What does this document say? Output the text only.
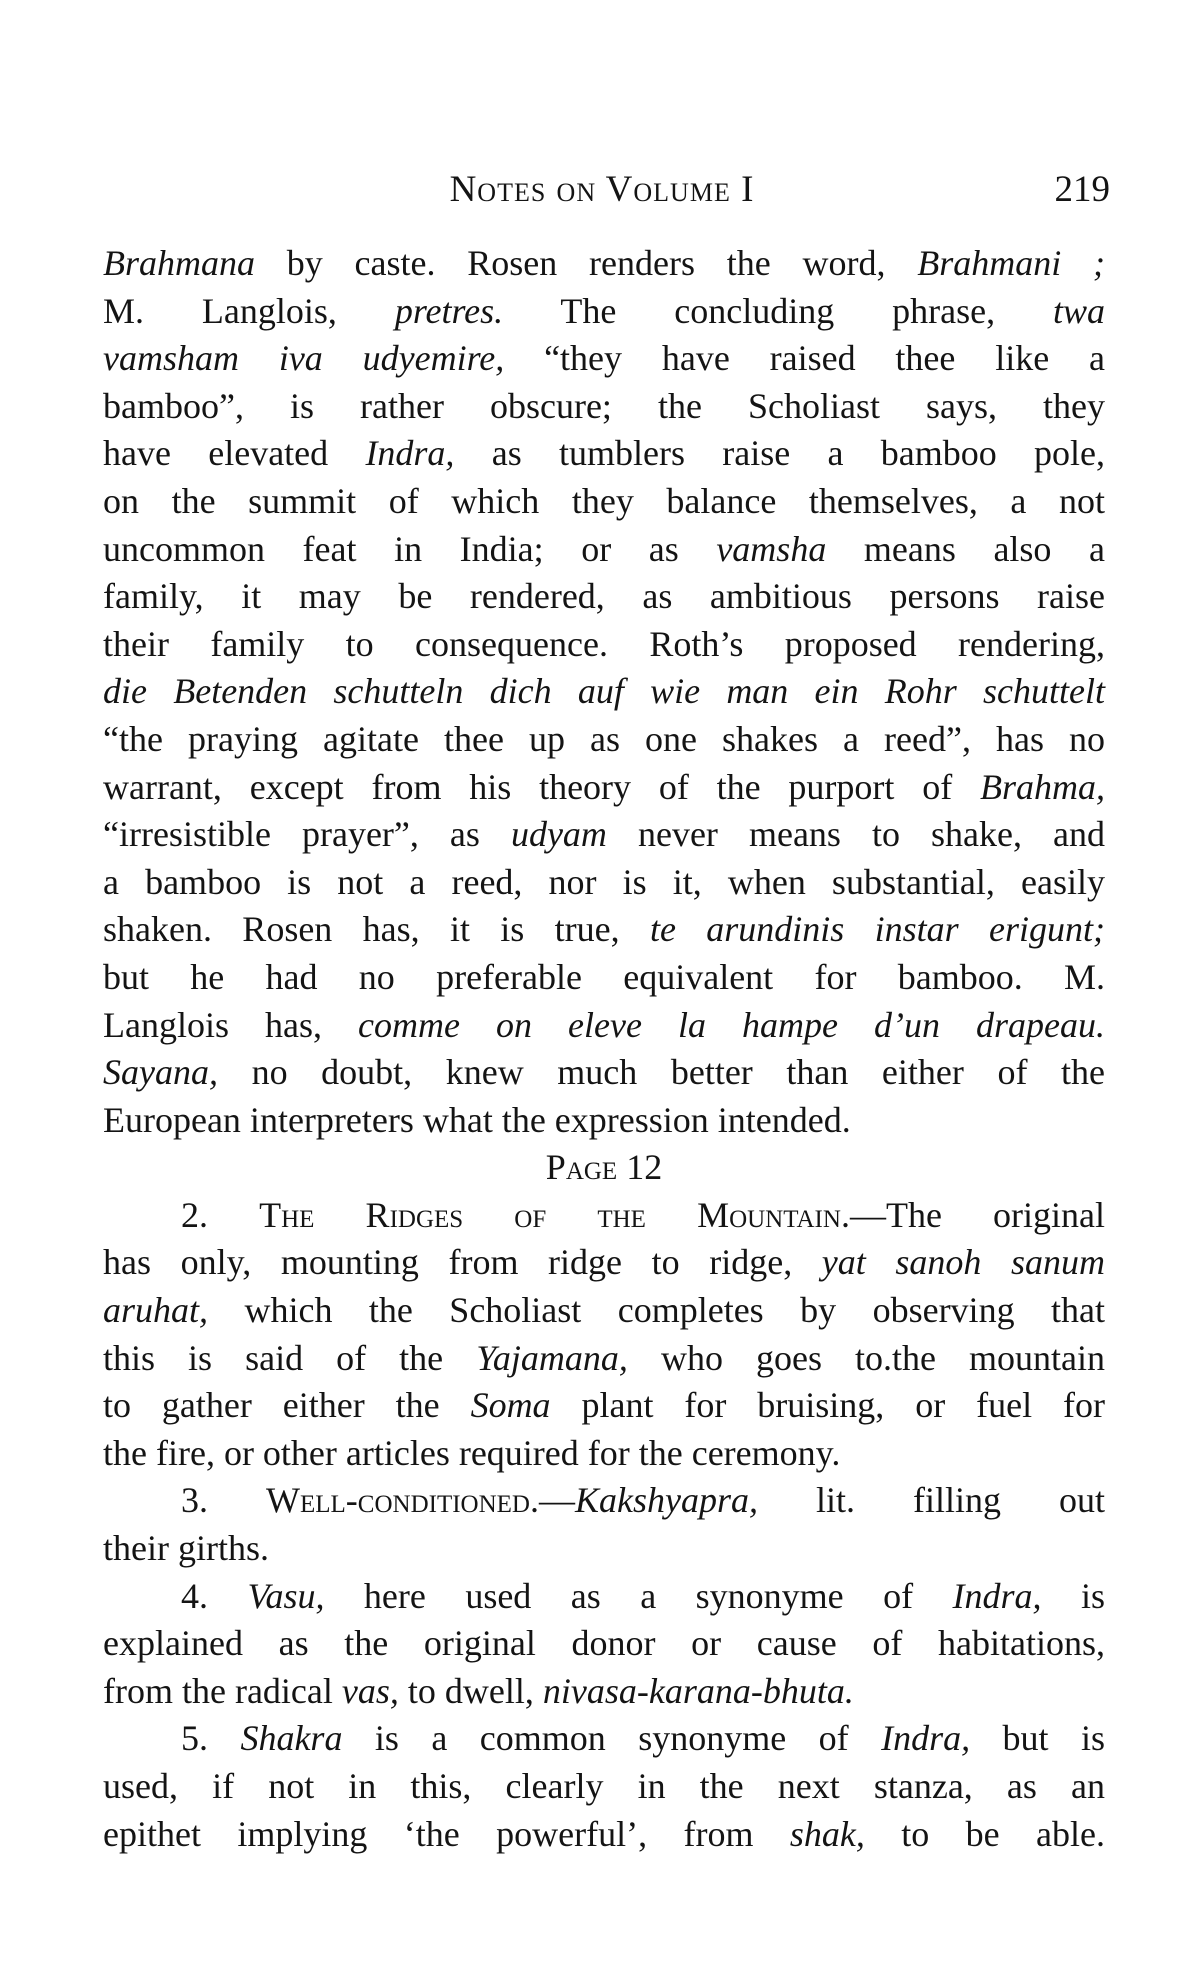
Notes on Volume I	219
Brahmana by caste. Rosen renders the word, Brahmani ;
M. Langlois, pretres. The concluding phrase, twa
vamsham iva udyemire, “they have raised thee like a
bamboo”, is rather obscure; the Scholiast says, they
have elevated Indra, as tumblers raise a bamboo pole,
on the summit of which they balance themselves, a not
uncommon feat in India; or as vamsha means also a
family, it may be rendered, as ambitious persons raise
their family to consequence. Roth’s proposed rendering,
die Betenden schutteln dich auf wie man ein Rohr schuttelt
“the praying agitate thee up as one shakes a reed”, has no
warrant, except from his theory of the purport of Brahma,
“irresistible prayer”, as udyam never means to shake, and
a bamboo is not a reed, nor is it, when substantial, easily
shaken. Rosen has, it is true, te arundinis instar erigunt;
but he had no preferable equivalent for bamboo. M.
Langlois has, comme on eleve la hampe d’un drapeau.
Sayana, no doubt, knew much better than either of the
European interpreters what the expression intended.
Page 12
2. The Ridges of the Mountain.—The original
has only, mounting from ridge to ridge, yat sanoh sanum
aruhat, which the Scholiast completes by observing that
this is said of the Yajamana, who goes to.the mountain
to gather either the Soma plant for bruising, or fuel for
the fire, or other articles required for the ceremony.
3. Well-conditioned.—Kakshyapra, lit. filling out
their girths.
4. Vasu, here used as a synonyme of Indra, is
explained as the original donor or cause of habitations,
from the radical vas, to dwell, nivasa-karana-bhuta.
5. Shakra is a common synonyme of Indra, but is
used, if not in this, clearly in the next stanza, as an
epithet implying ‘the powerful’, from shak, to be able.
